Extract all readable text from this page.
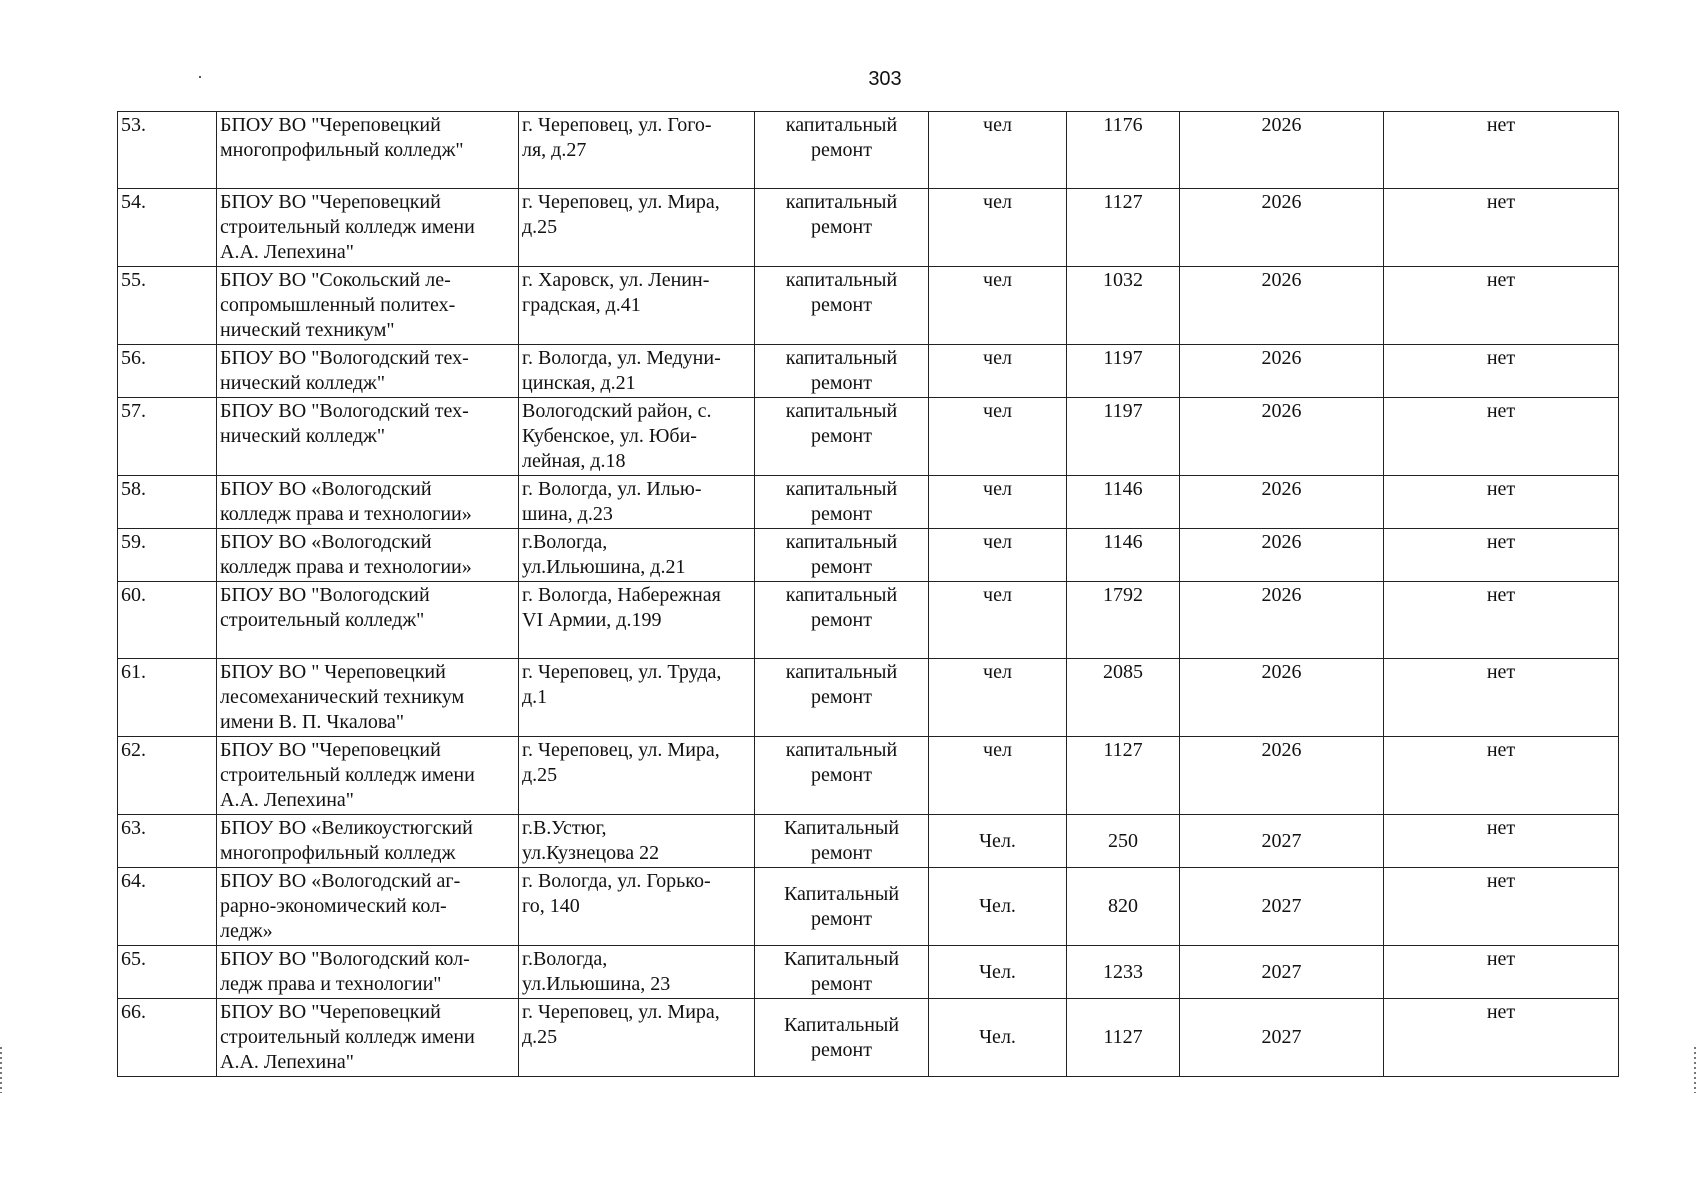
303
53.	БПОУ ВО "Череповецкий
многопрофильный колледж"	г. Череповец, ул. Гого-
ля, д.27	капитальный
ремонт	чел	1176	2026	нет
54.	БПОУ ВО "Череповецкий
строительный колледж имени
А.А. Лепехина"	г. Череповец, ул. Мира,
д.25	капитальный
ремонт	чел	1127	2026	нет
55.	БПОУ ВО "Сокольский ле-
сопромышленный политех-
нический техникум"	г. Харовск, ул. Ленин-
градская, д.41	капитальный
ремонт	чел	1032	2026	нет
56.	БПОУ ВО "Вологодский тех-
нический колледж"	г. Вологда, ул. Медуни-
цинская, д.21	капитальный
ремонт	чел	1197	2026	нет
57.	БПОУ ВО "Вологодский тех-
нический колледж"	Вологодский район, с.
Кубенское, ул. Юби-
лейная, д.18	капитальный
ремонт	чел	1197	2026	нет
58.	БПОУ ВО «Вологодский
колледж права и технологии»	г. Вологда, ул. Илью-
шина, д.23	капитальный
ремонт	чел	1146	2026	нет
59.	БПОУ ВО «Вологодский
колледж права и технологии»	г.Вологда,
ул.Ильюшина, д.21	капитальный
ремонт	чел	1146	2026	нет
60.	БПОУ ВО "Вологодский
строительный колледж"	г. Вологда, Набережная
VI Армии, д.199	капитальный
ремонт	чел	1792	2026	нет
61.	БПОУ ВО " Череповецкий
лесомеханический техникум
имени В. П. Чкалова"	г. Череповец, ул. Труда,
д.1	капитальный
ремонт	чел	2085	2026	нет
62.	БПОУ ВО "Череповецкий
строительный колледж имени
А.А. Лепехина"	г. Череповец, ул. Мира,
д.25	капитальный
ремонт	чел	1127	2026	нет
63.	БПОУ ВО «Великоустюгский
многопрофильный колледж	г.В.Устюг,
ул.Кузнецова 22	Капитальный
ремонт	Чел.	250	2027	нет
64.	БПОУ ВО «Вологодский аг-
рарно-экономический кол-
ледж»	г. Вологда, ул. Горько-
го, 140	Капитальный
ремонт	Чел.	820	2027	нет
65.	БПОУ ВО "Вологодский кол-
ледж права и технологии"	г.Вологда,
ул.Ильюшина, 23	Капитальный
ремонт	Чел.	1233	2027	нет
66.	БПОУ ВО "Череповецкий
строительный колледж имени
А.А. Лепехина"	г. Череповец, ул. Мира,
д.25	Капитальный
ремонт	Чел.	1127	2027	нет
